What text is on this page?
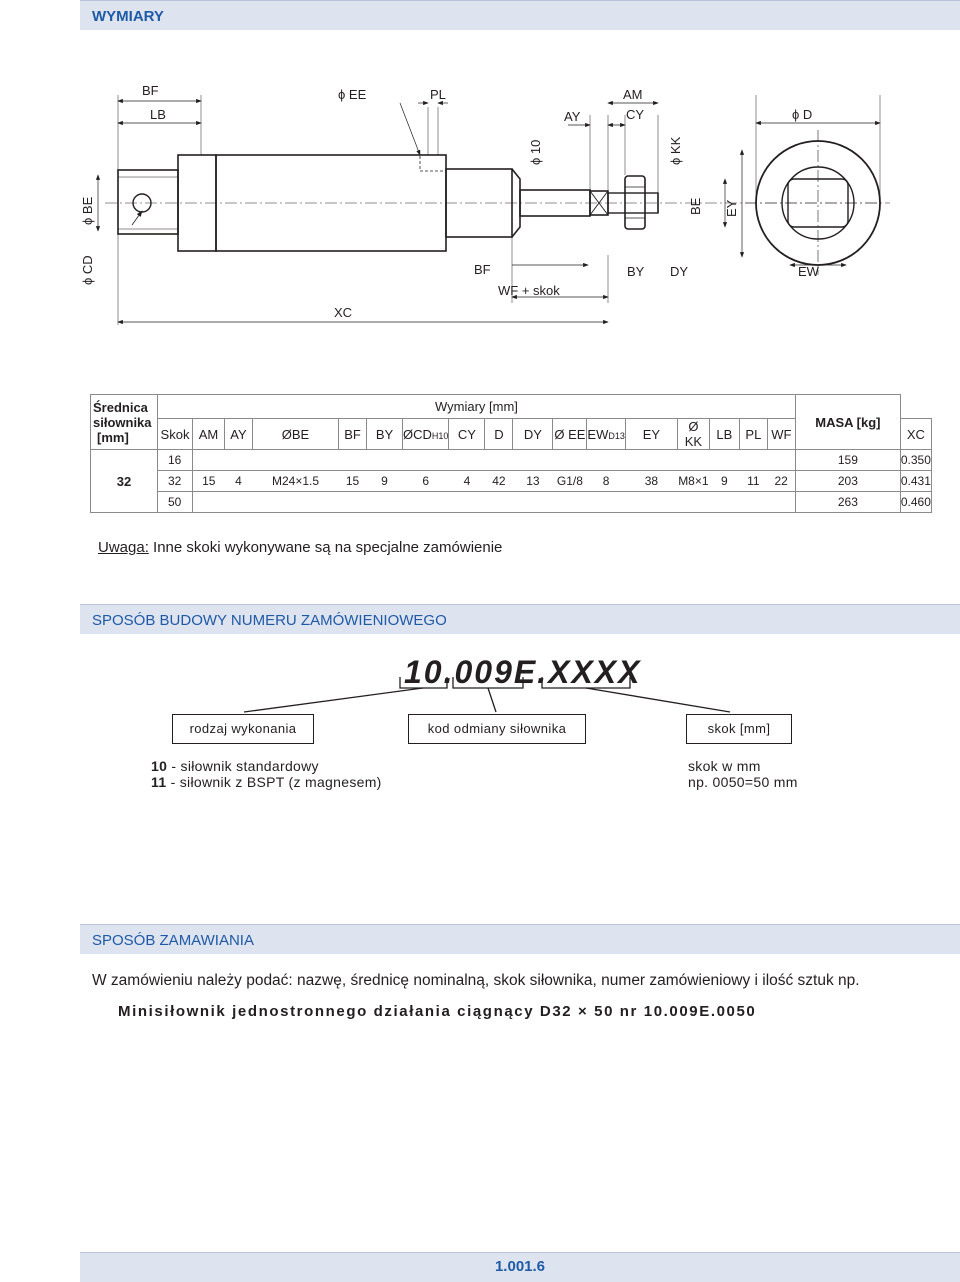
WYMIARY
BF
LB
ϕ EE	PL
ϕ 10
AY
AM
CY
ϕ KK
ϕ D
ϕ BE	BE EY
ϕ CD	BF	BY DY	EW
WF + skok
XC
Średnica
siłownika
[mm]	Wymiary [mm]																	MASA [kg]	
	Skok	AM	AY	ØBE	BF	BY	ØCDH10	CY	D	DY	Ø EE	EWD13	EY	Ø KK	LB	PL	WF		XC
32	16																	159	0.350
	32	15	4	M24×1.5	15	9	6	4	42	13	G1/8	8	38	M8×1	9	11	22	203	0.431
	50																	263	0.460
Uwaga: Inne skoki wykonywane są na specjalne zamówienie
SPOSÓB BUDOWY NUMERU ZAMÓWIENIOWEGO
10.009E.XXXX
rodzaj wykonania	kod odmiany siłownika	skok [mm]
10 - siłownik standardowy
11 - siłownik z BSPT (z magnesem)
skok w mm
np. 0050=50 mm
SPOSÓB ZAMAWIANIA
W zamówieniu należy podać: nazwę, średnicę nominalną, skok siłownika, numer zamówieniowy i ilość sztuk np.
Minisiłownik jednostronnego działania ciągnący D32 × 50 nr 10.009E.0050
1.001.6
